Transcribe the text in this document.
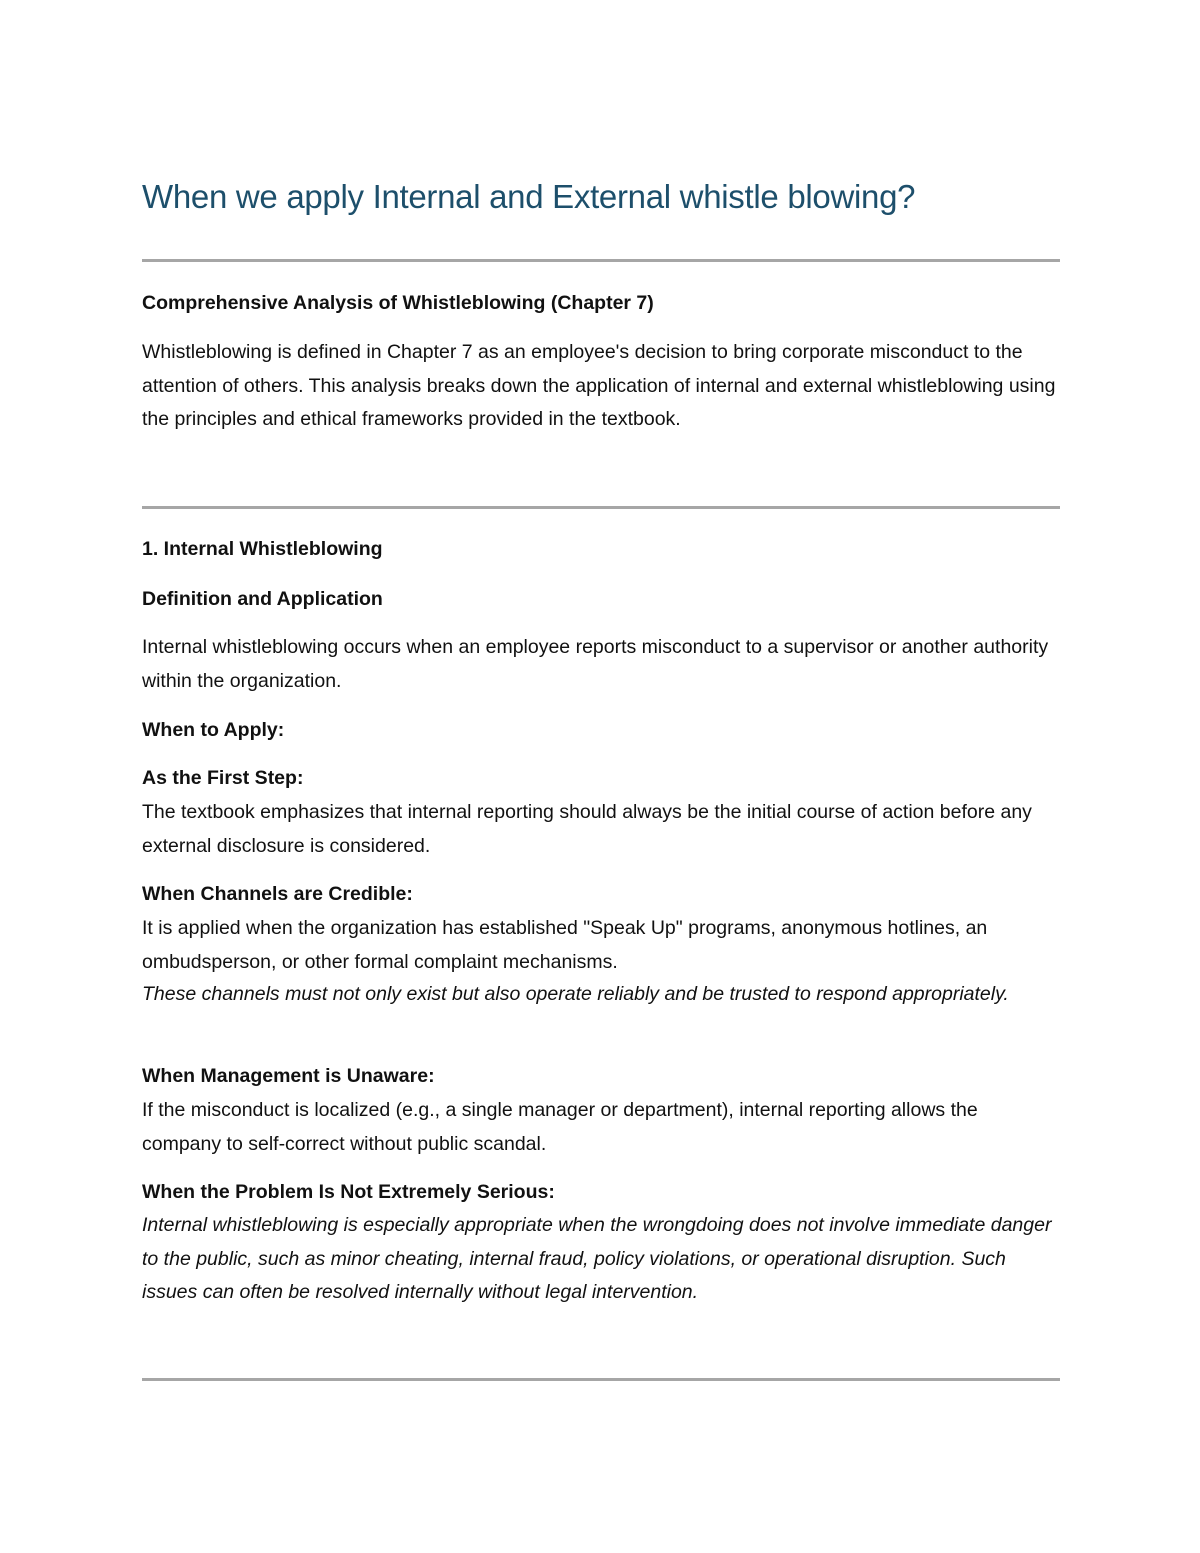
When we apply Internal and External whistle blowing?

Comprehensive Analysis of Whistleblowing (Chapter 7)

Whistleblowing is defined in Chapter 7 as an employee's decision to bring corporate misconduct to the attention of others. This analysis breaks down the application of internal and external whistleblowing using the principles and ethical frameworks provided in the textbook.

1. Internal Whistleblowing

Definition and Application

Internal whistleblowing occurs when an employee reports misconduct to a supervisor or another authority within the organization.

When to Apply:

As the First Step:

The textbook emphasizes that internal reporting should always be the initial course of action before any external disclosure is considered.

When Channels are Credible:

It is applied when the organization has established "Speak Up" programs, anonymous hotlines, an ombudsperson, or other formal complaint mechanisms.

These channels must not only exist but also operate reliably and be trusted to respond appropriately.

When Management is Unaware:

If the misconduct is localized (e.g., a single manager or department), internal reporting allows the company to self-correct without public scandal.

When the Problem Is Not Extremely Serious:

Internal whistleblowing is especially appropriate when the wrongdoing does not involve immediate danger to the public, such as minor cheating, internal fraud, policy violations, or operational disruption. Such issues can often be resolved internally without legal intervention.
